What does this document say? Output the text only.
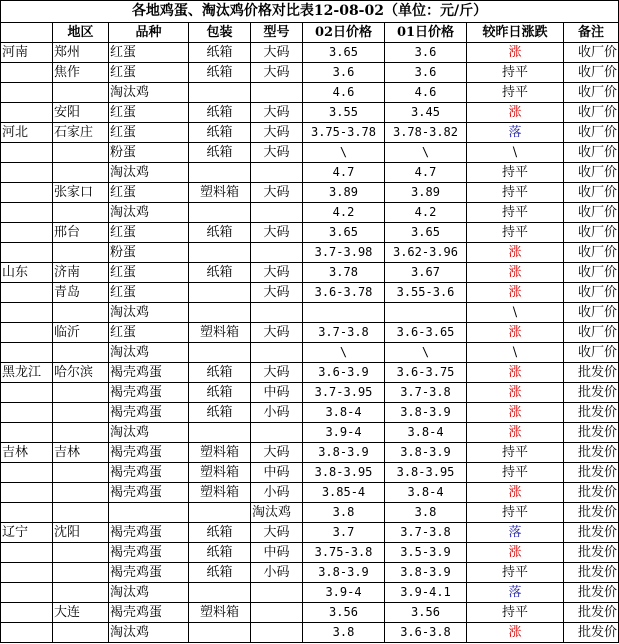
各地鸡蛋、淘汰鸡价格对比表12-08-02（单位：元/斤）								
	地区	品种	包装	型号	02日价格	01日价格	较昨日涨跌	备注
河南	郑州	红蛋	纸箱	大码	3.65	3.6	涨	收厂价
	焦作	红蛋	纸箱	大码	3.6	3.6	持平	收厂价
		淘汰鸡			4.6	4.6	持平	收厂价
	安阳	红蛋	纸箱	大码	3.55	3.45	涨	收厂价
河北	石家庄	红蛋	纸箱	大码	3.75-3.78	3.78-3.82	落	收厂价
		粉蛋	纸箱	大码	\	\	\	收厂价
		淘汰鸡			4.7	4.7	持平	收厂价
	张家口	红蛋	塑料箱	大码	3.89	3.89	持平	收厂价
		淘汰鸡			4.2	4.2	持平	收厂价
	邢台	红蛋	纸箱	大码	3.65	3.65	持平	收厂价
		粉蛋			3.7-3.98	3.62-3.96	涨	收厂价
山东	济南	红蛋	纸箱	大码	3.78	3.67	涨	收厂价
	青岛	红蛋		大码	3.6-3.78	3.55-3.6	涨	收厂价
		淘汰鸡					\	收厂价
	临沂	红蛋	塑料箱	大码	3.7-3.8	3.6-3.65	涨	收厂价
		淘汰鸡			\	\	\	收厂价
黑龙江	哈尔滨	褐壳鸡蛋	纸箱	大码	3.6-3.9	3.6-3.75	涨	批发价
		褐壳鸡蛋	纸箱	中码	3.7-3.95	3.7-3.8	涨	批发价
		褐壳鸡蛋	纸箱	小码	3.8-4	3.8-3.9	涨	批发价
		淘汰鸡			3.9-4	3.8-4	涨	批发价
吉林	吉林	褐壳鸡蛋	塑料箱	大码	3.8-3.9	3.8-3.9	持平	批发价
		褐壳鸡蛋	塑料箱	中码	3.8-3.95	3.8-3.95	持平	批发价
		褐壳鸡蛋	塑料箱	小码	3.85-4	3.8-4	涨	批发价
				淘汰鸡	3.8	3.8	持平	批发价
辽宁	沈阳	褐壳鸡蛋	纸箱	大码	3.7	3.7-3.8	落	批发价
		褐壳鸡蛋	纸箱	中码	3.75-3.8	3.5-3.9	涨	批发价
		褐壳鸡蛋	纸箱	小码	3.8-3.9	3.8-3.9	持平	批发价
		淘汰鸡			3.9-4	3.9-4.1	落	批发价
	大连	褐壳鸡蛋	塑料箱		3.56	3.56	持平	批发价
		淘汰鸡			3.8	3.6-3.8	涨	批发价
